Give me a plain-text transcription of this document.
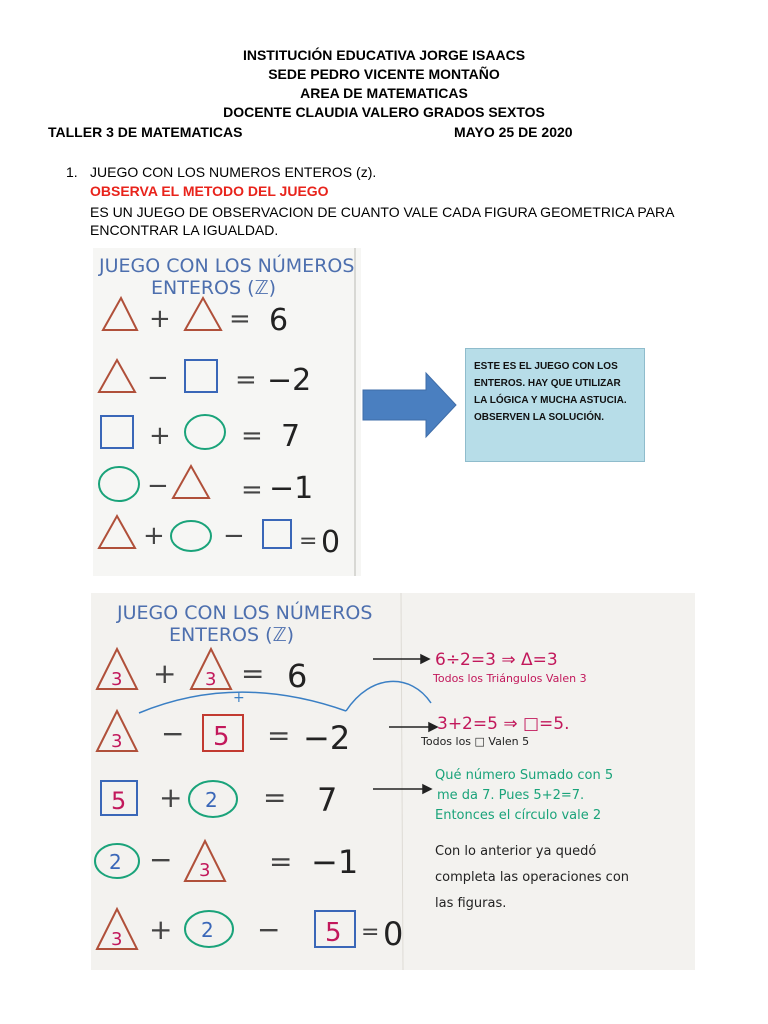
INSTITUCIÓN EDUCATIVA JORGE ISAACS
SEDE PEDRO VICENTE MONTAÑO
AREA DE MATEMATICAS
DOCENTE CLAUDIA VALERO GRADOS SEXTOS
TALLER 3 DE MATEMATICAS	MAYO 25 DE 2020
1. JUEGO CON LOS NUMEROS ENTEROS (z).
OBSERVA EL METODO DEL JUEGO
ES UN JUEGO DE OBSERVACION DE CUANTO VALE CADA FIGURA GEOMETRICA PARA ENCONTRAR LA IGUALDAD.
JUEGO CON LOS NÚMEROS
ENTEROS (ℤ)
+ = 6
−	= −2
+	= 7
−	= −1
+ − = 0
ESTE ES EL JUEGO CON LOS ENTEROS. HAY QUE UTILIZAR LA LÓGICA Y MUCHA ASTUCIA. OBSERVEN LA SOLUCIÓN.
JUEGO CON LOS NÚMEROS
ENTEROS (ℤ)
3 + 3 = 6
+
3 − 5 = −2
5 + 2 = 7
2 − 3 = −1
3 + 2 − 5 = 0
6÷2=3 ⇒ Δ=3
Todos los Triángulos Valen 3
3+2=5 ⇒ □=5.
Todos los □ Valen 5
Qué número Sumado con 5
me da 7. Pues 5+2=7.
Entonces el círculo vale 2
Con lo anterior ya quedó
completa las operaciones con
las figuras.
